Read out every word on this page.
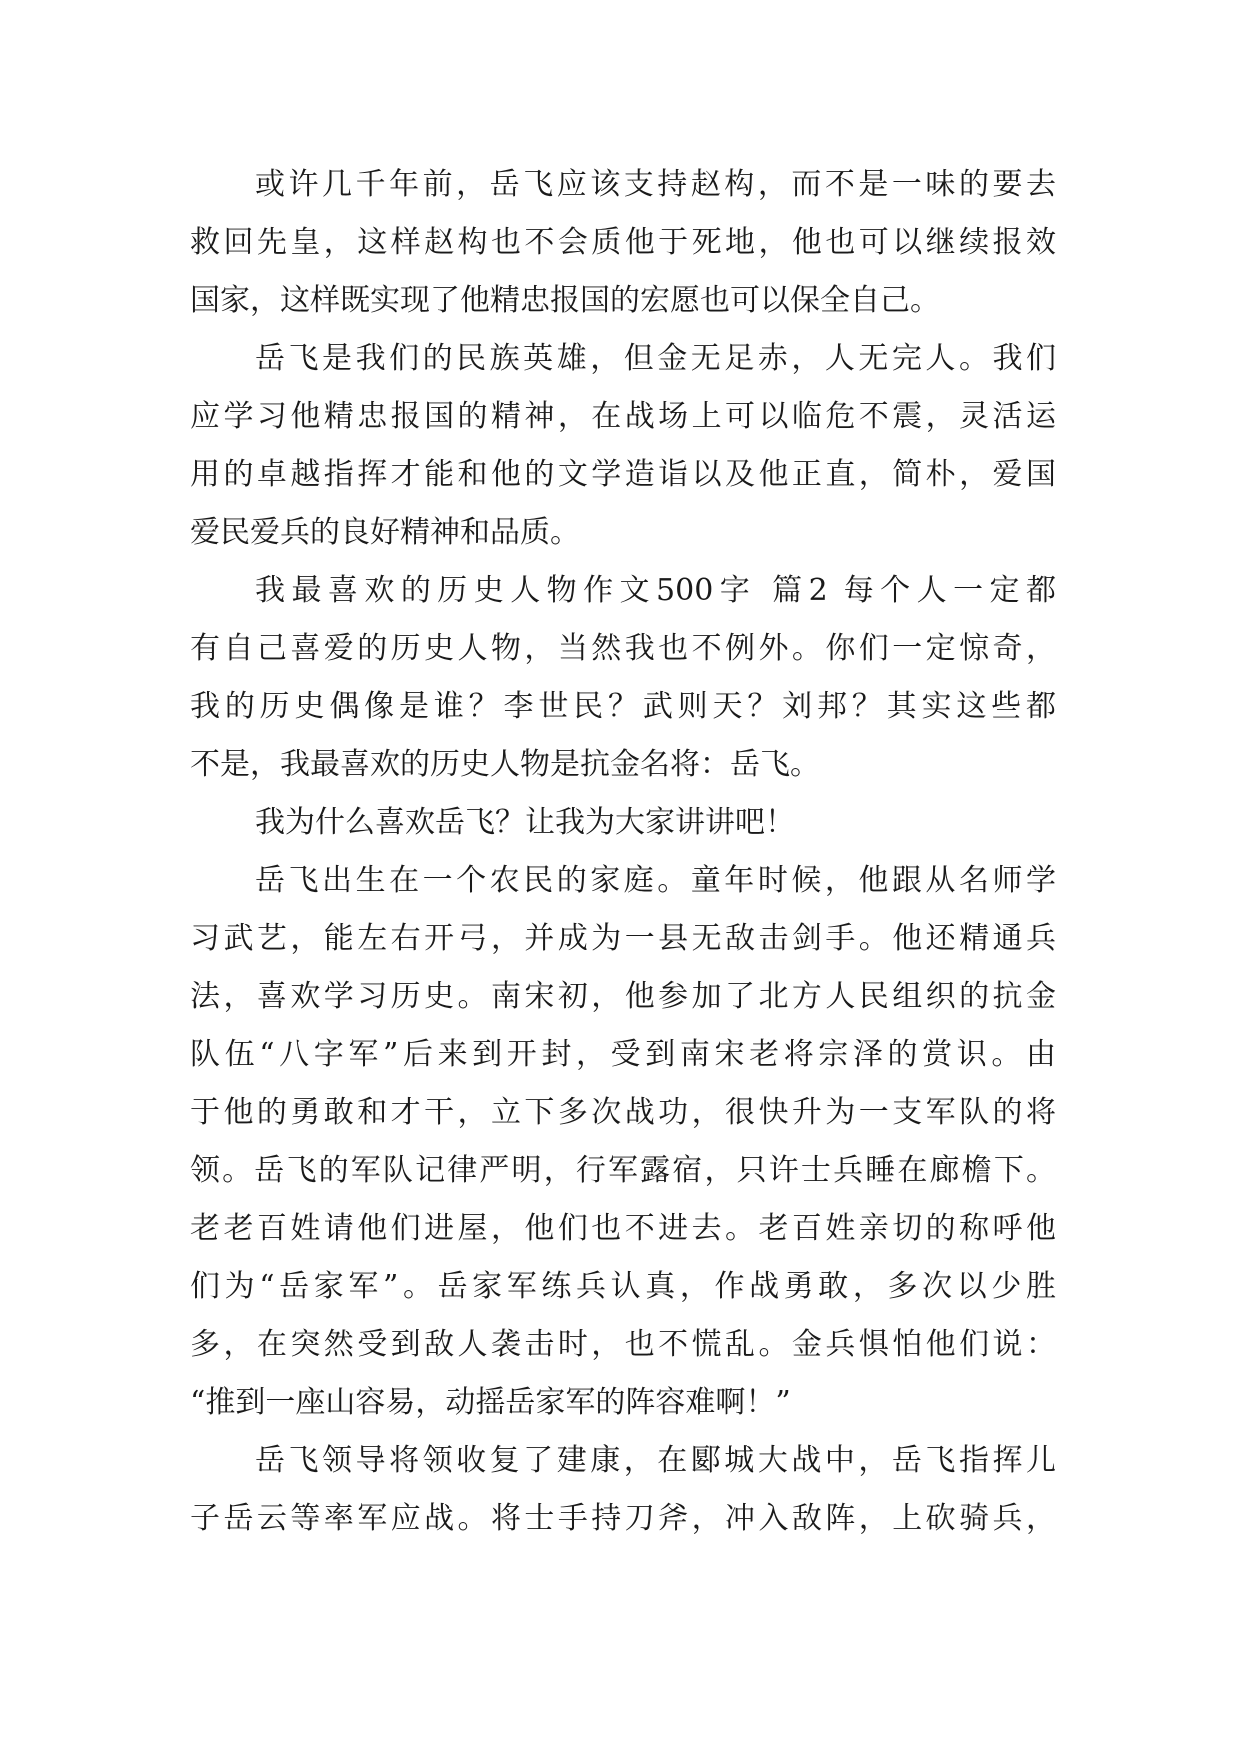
或许几千年前，岳飞应该支持赵构，而不是一味的要去
救回先皇，这样赵构也不会质他于死地，他也可以继续报效
国家，这样既实现了他精忠报国的宏愿也可以保全自己。
岳飞是我们的民族英雄，但金无足赤，人无完人。我们
应学习他精忠报国的精神，在战场上可以临危不震，灵活运
用的卓越指挥才能和他的文学造诣以及他正直，简朴，爱国
爱民爱兵的良好精神和品质。
我最喜欢的历史人物作文500字 篇2 每个人一定都
有自己喜爱的历史人物，当然我也不例外。你们一定惊奇，
我的历史偶像是谁？李世民？武则天？刘邦？其实这些都
不是，我最喜欢的历史人物是抗金名将：岳飞。
我为什么喜欢岳飞？让我为大家讲讲吧！
岳飞出生在一个农民的家庭。童年时候，他跟从名师学
习武艺，能左右开弓，并成为一县无敌击剑手。他还精通兵
法，喜欢学习历史。南宋初，他参加了北方人民组织的抗金
队伍“八字军”后来到开封，受到南宋老将宗泽的赏识。由
于他的勇敢和才干，立下多次战功，很快升为一支军队的将
领。岳飞的军队记律严明，行军露宿，只许士兵睡在廊檐下。
老老百姓请他们进屋，他们也不进去。老百姓亲切的称呼他
们为“岳家军”。岳家军练兵认真，作战勇敢，多次以少胜
多，在突然受到敌人袭击时，也不慌乱。金兵惧怕他们说：
“推到一座山容易，动摇岳家军的阵容难啊！”
岳飞领导将领收复了建康，在郾城大战中，岳飞指挥儿
子岳云等率军应战。将士手持刀斧，冲入敌阵，上砍骑兵，
